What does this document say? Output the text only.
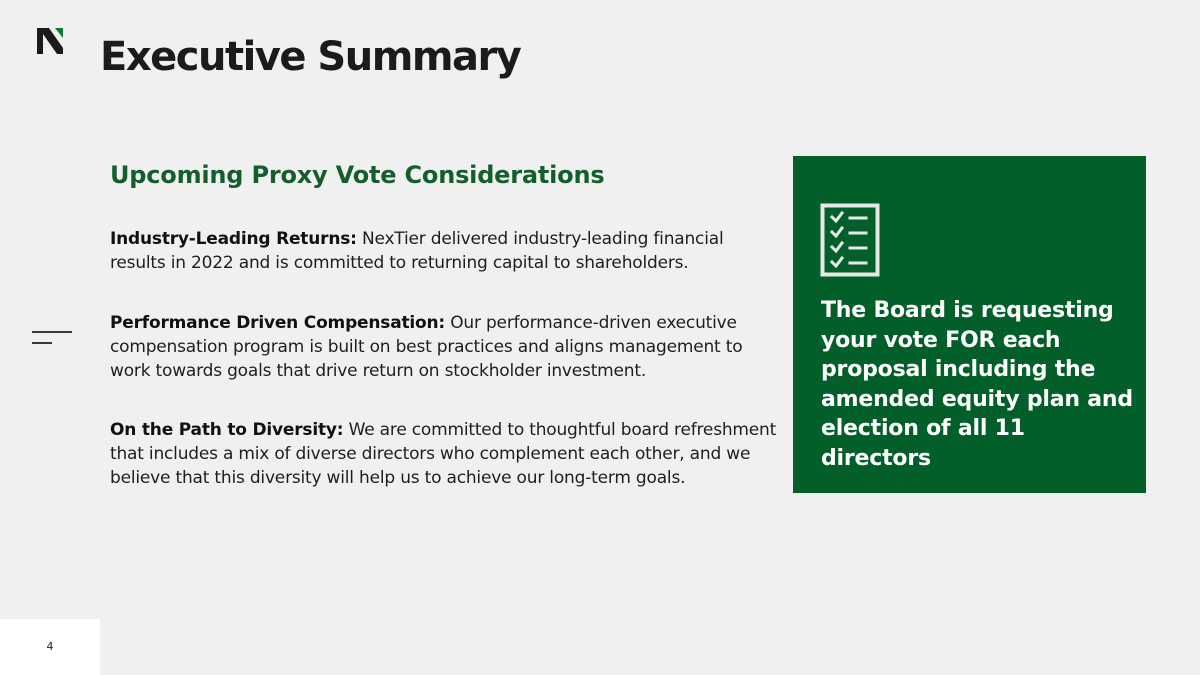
Executive Summary
Upcoming Proxy Vote Considerations

Industry-Leading Returns: NexTier delivered industry-leading financial results in 2022 and is committed to returning capital to shareholders.

Performance Driven Compensation: Our performance-driven executive compensation program is built on best practices and aligns management to work towards goals that drive return on stockholder investment.

On the Path to Diversity: We are committed to thoughtful board refreshment that includes a mix of diverse directors who complement each other, and we believe that this diversity will help us to achieve our long-term goals.

The Board is requesting your vote FOR each proposal including the amended equity plan and election of all 11 directors

4
